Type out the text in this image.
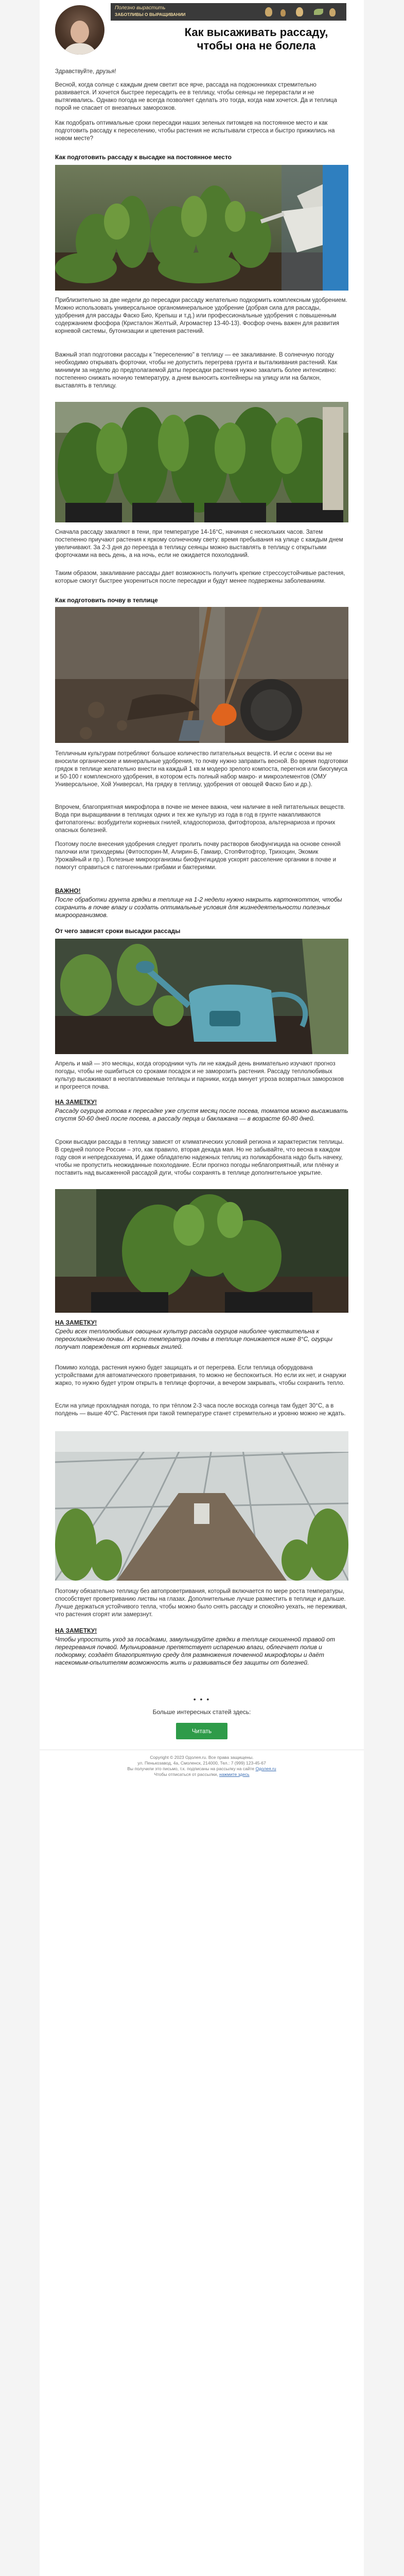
Полезно вырастить
ЗАБОТЛИВЫ О ВЫРАЩИВАНИИ
Как высаживать рассаду, чтобы она не болела

Здравствуйте, друзья!

Весной, когда солнце с каждым днем светит все ярче, рассада на подоконниках стремительно развивается. И хочется быстрее пересадить ее в теплицу, чтобы сеянцы не перерастали и не вытягивались. Однако погода не всегда позволяет сделать это тогда, когда нам хочется. Да и теплица порой не спасает от внезапных заморозков.

Как подобрать оптимальные сроки пересадки наших зеленых питомцев на постоянное место и как подготовить рассаду к переселению, чтобы растения не испытывали стресса и быстро прижились на новом месте?

Как подготовить рассаду к высадке на постоянное место

Приблизительно за две недели до пересадки рассаду желательно подкормить комплексным удобрением. Можно использовать универсальное органоминеральное удобрение (добрая сила для рассады, удобрения для рассады Фаско Био, Крепыш и т.д.) или профессиональные удобрения с повышенным содержанием фосфора (Кристалон Желтый, Агромастер 13-40-13). Фосфор очень важен для развития корневой системы, бутонизации и цветения растений.

Важный этап подготовки рассады к "переселению" в теплицу — ее закаливание. В солнечную погоду необходимо открывать форточки, чтобы не допустить перегрева грунта и выталкивания растений. Как минимум за неделю до предполагаемой даты пересадки растения нужно закалить более интенсивно: постепенно снижать ночную температуру, а днем выносить контейнеры на улицу или на балкон, выставлять в теплицу.

Сначала рассаду закаляют в тени, при температуре 14-16°С, начиная с нескольких часов. Затем постепенно приучают растения к яркому солнечному свету: время пребывания на улице с каждым днем увеличивают. За 2-3 дня до переезда в теплицу сеянцы можно выставлять в теплицу с открытыми форточками на весь день, а на ночь, если не ожидается похолоданий.

Таким образом, закаливание рассады дает возможность получить крепкие стрессоустойчивые растения, которые смогут быстрее укорениться после пересадки и будут менее подвержены заболеваниям.

Как подготовить почву в теплице

Тепличным культурам потребляют большое количество питательных веществ. И если с осени вы не вносили органические и минеральные удобрения, то почву нужно заправить весной. Во время подготовки грядок в теплице желательно внести на каждый 1 кв.м модеро зрелого компоста, перегноя или биогумуса и 50-100 г комплексного удобрения, в котором есть полный набор макро- и микроэлементов (ОМУ Универсальное, Хой Универсал, На грядку в теплицу, удобрения от овощей Фаско Био и др.).

Впрочем, благоприятная микрофлора в почве не менее важна, чем наличие в ней питательных веществ. Вода при выращивании в теплицах одних и тех же культур из года в год в грунте накапливаются фитопатогены: возбудители корневых гнилей, кладоспориоза, фитофтороза, альтернариоза и прочих опасных болезней.

Поэтому после внесения удобрения следует пролить почву растворов биофунгицида на основе сенной палочки или триходермы (Фитоспорин-М, Алирин-Б, Гамаир, СтопФитофтор, Трихоцин, Экомик Урожайный и пр.). Полезные микроорганизмы биофунгицидов ускорят расселение органики в почве и помогут справиться с патогенными грибами и бактериями.

ВАЖНО!
После обработки грунта грядки в теплице на 1-2 недели нужно накрыть картонкоттон, чтобы сохранить в почве влагу и создать оптимальные условия для жизнедеятельности полезных микроорганизмов.
От чего зависят сроки высадки рассады

Апрель и май — это месяцы, когда огородники чуть ли не каждый день внимательно изучают прогноз погоды, чтобы не ошибиться со сроками посадок и не заморозить растения. Рассаду теплолюбивых культур высаживают в неотапливаемые теплицы и парники, когда минует угроза возвратных заморозков и прогреется почва.

НА ЗАМЕТКУ!
Рассаду огурцов готова к пересадке уже спустя месяц после посева, томатов можно высаживать спустя 50-60 дней после посева, а рассаду перца и баклажана — в возрасте 60-80 дней.

Сроки высадки рассады в теплицу зависят от климатических условий региона и характеристик теплицы. В средней полосе России – это, как правило, вторая декада мая. Но не забывайте, что весна в каждом году своя и непредсказуема, И даже обладателю надежных теплиц из поликарбоната надо быть начеку, чтобы не пропустить неожиданные похолодание. Если прогноз погоды неблагоприятный, или плёнку и поставить над высаженной рассадой дуги, чтобы сохранять в теплице дополнительное укрытие.

НА ЗАМЕТКУ!
Среди всех теплолюбивых овощных культур рассада огурцов наиболее чувствительна к переохлаждению почвы. И если температура почвы в теплице понижается ниже 8°С, огурцы получат повреждения от корневых гнилей.

Помимо холода, растения нужно будет защищать и от перегрева. Если теплица оборудована устройствами для автоматического проветривания, то можно не беспокоиться. Но если их нет, и снаружи жарко, то нужно будет утром открыть в теплице форточки, а вечером закрывать, чтобы сохранить тепло.

Если на улице прохладная погода, то при тёплом 2-3 часа после восхода солнца там будет 30°С, а в полдень — выше 40°С. Растения при такой температуре станет стремительно и уровню можно не ждать.

Поэтому обязательно теплицу без автопроветривания, который включается по мере роста температуры, способствует проветриванию листвы на глазах. Дополнительные лучше разместить в теплице и дальше. Лучше держаться устойчивого тепла, чтобы можно было снять рассаду и спокойно уехать, не переживая, что растения сгорят или замерзнут.

НА ЗАМЕТКУ!
Чтобы упростить уход за посадками, замульчируйте грядки в теплице скошенной травой от перегревания почвой. Мульчирование препятствует испарению влаги, облегчает полив и подкормку, создаёт благоприятную среду для размножения почвенной микрофлоры и даёт насекомым-опылителям возможность жить и развиваться без защиты от болезней.
• • •
Больше интересных статей здесь:
Читать
Copyright © 2023 Одолея.ru. Все права защищены.
ул. Пенькозавод, 4а, Смоленск, 214000, Тел.: 7 (999) 123-45-67
Вы получили это письмо, т.к. подписаны на рассылку на сайте Одолея.ru
Чтобы отписаться от рассылки, нажмите здесь
